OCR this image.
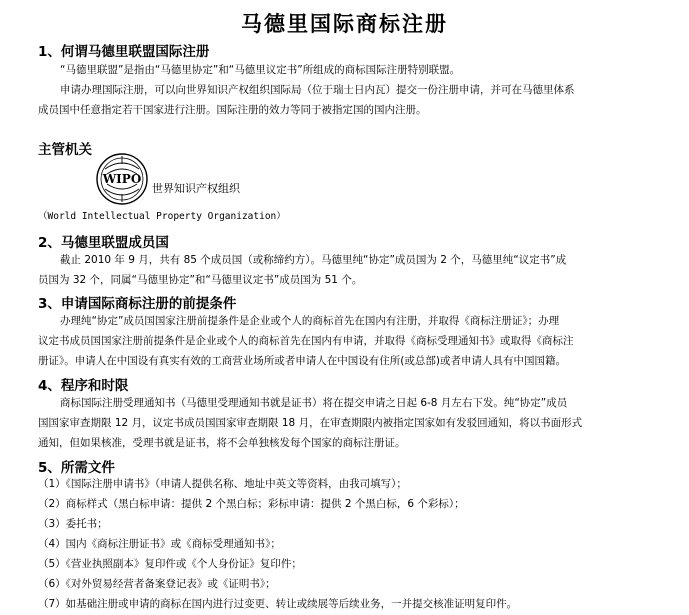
马德里国际商标注册
1、何谓马德里联盟国际注册
“马德里联盟”是指由“马德里协定”和“马德里议定书”所组成的商标国际注册特别联盟。
申请办理国际注册，可以向世界知识产权组织国际局（位于瑞士日内瓦）提交一份注册申请，并可在马德里体系
成员国中任意指定若干国家进行注册。国际注册的效力等同于被指定国的国内注册。
主管机关
WIPO
世界知识产权组织
（World Intellectual Property Organization）
2、马德里联盟成员国
截止 2010 年 9 月，共有 85 个成员国（或称缔约方）。马德里纯“协定”成员国为 2 个，马德里纯“议定书”成
员国为 32 个，同属“马德里协定”和“马德里议定书”成员国为 51 个。
3、申请国际商标注册的前提条件
办理纯“协定”成员国国家注册前提条件是企业或个人的商标首先在国内有注册，并取得《商标注册证》；办理
议定书成员国国家注册前提条件是企业或个人的商标首先在国内有申请，并取得《商标受理通知书》或取得《商标注
册证》。申请人在中国设有真实有效的工商营业场所或者申请人在中国设有住所(或总部)或者申请人具有中国国籍。
4、程序和时限
商标国际注册受理通知书（马德里受理通知书就是证书）将在提交申请之日起 6-8 月左右下发。纯“协定”成员
国国家审查期限 12 月，议定书成员国国家审查期限 18 月，在审查期限内被指定国家如有发驳回通知，将以书面形式
通知，但如果核准，受理书就是证书，将不会单独核发每个国家的商标注册证。
5、所需文件
（1）《国际注册申请书》（申请人提供名称、地址中英文等资料，由我司填写）；
（2）商标样式（黑白标申请：提供 2 个黑白标；彩标申请：提供 2 个黑白标，6 个彩标）；
（3）委托书；
（4）国内《商标注册证书》或《商标受理通知书》；
（5）《营业执照副本》复印件或《个人身份证》复印件；
（6）《对外贸易经营者备案登记表》或《证明书》；
（7）如基础注册或申请的商标在国内进行过变更、转让或续展等后续业务，一并提交核准证明复印件。
